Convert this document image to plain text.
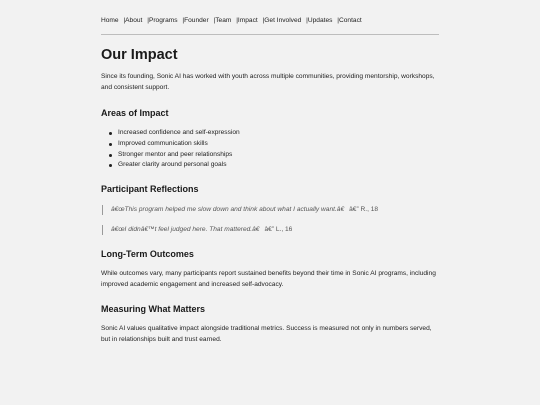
Home |About |Programs |Founder |Team |Impact |Get Involved |Updates |Contact
Our Impact

Since its founding, Sonic AI has worked with youth across multiple communities, providing mentorship, workshops, and consistent support.

Areas of Impact
Increased confidence and self-expression
Improved communication skills
Stronger mentor and peer relationships
Greater clarity around personal goals
Participant Reflections
â€œThis program helped me slow down and think about what I actually want.â€ â€” R., 18
â€œI didnâ€™t feel judged here. That mattered.â€ â€” L., 16
Long-Term Outcomes

While outcomes vary, many participants report sustained benefits beyond their time in Sonic AI programs, including improved academic engagement and increased self-advocacy.

Measuring What Matters

Sonic AI values qualitative impact alongside traditional metrics. Success is measured not only in numbers served, but in relationships built and trust earned.
